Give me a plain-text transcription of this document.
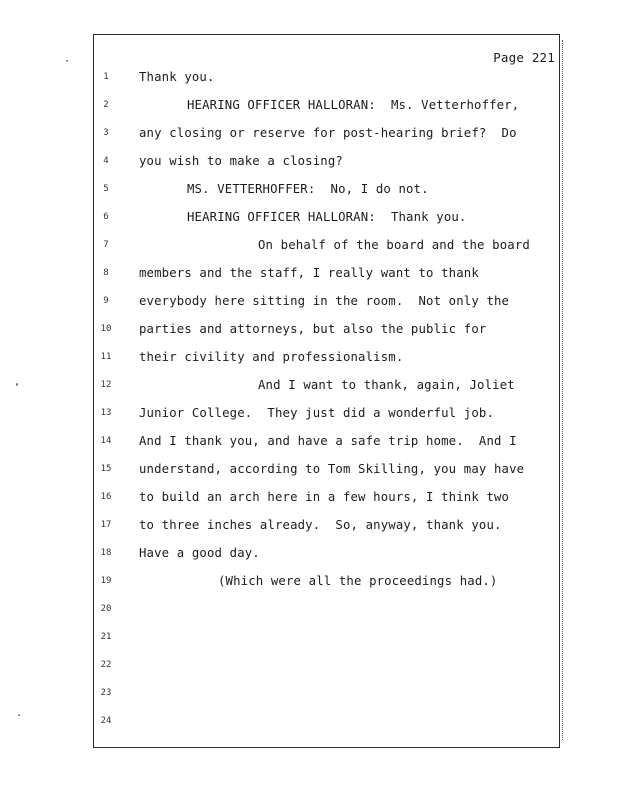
Page 221
1	Thank you.
2	HEARING OFFICER HALLORAN:  Ms. Vetterhoffer,
3	any closing or reserve for post-hearing brief?  Do
4	you wish to make a closing?
5	MS. VETTERHOFFER:  No, I do not.
6	HEARING OFFICER HALLORAN:  Thank you.
7	On behalf of the board and the board
8	members and the staff, I really want to thank
9	everybody here sitting in the room.  Not only the
10	parties and attorneys, but also the public for
11	their civility and professionalism.
12	And I want to thank, again, Joliet
13	Junior College.  They just did a wonderful job.
14	And I thank you, and have a safe trip home.  And I
15	understand, according to Tom Skilling, you may have
16	to build an arch here in a few hours, I think two
17	to three inches already.  So, anyway, thank you.
18	Have a good day.
19	(Which were all the proceedings had.)
20
21
22
23
24
